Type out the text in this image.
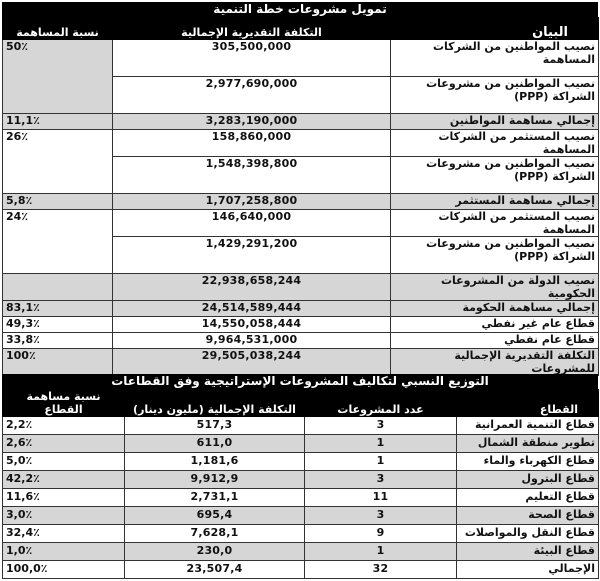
تمويل مشروعات خطة التنمية
نسبة المساهمة	التكلفة التقديرية الإجمالية	البيان
50٪	305,500,000	نصيب المواطنين من الشركات المساهمة
	2,977,690,000	نصيب المواطنين من مشروعات الشراكة (PPP)
11,1٪	3,283,190,000	إجمالي مساهمة المواطنين
26٪	158,860,000	نصيب المستثمر من الشركات المساهمة
	1,548,398,800	نصيب المواطنين من مشروعات الشراكة (PPP)
5,8٪	1,707,258,800	إجمالي مساهمة المستثمر
24٪	146,640,000	نصيب المستثمر من الشركات المساهمة
	1,429,291,200	نصيب المواطنين من مشروعات الشراكة (PPP)
	22,938,658,244	نصيب الدولة من المشروعات الحكومية
83,1٪	24,514,589,444	إجمالي مساهمة الحكومة
49,3٪	14,550,058,444	قطاع عام غير نفطي
33,8٪	9,964,531,000	قطاع عام نفطي
100٪	29,505,038,244	التكلفة التقديرية الإجمالية للمشروعات
التوزيع النسبي لتكاليف المشروعات الإستراتيجية وفق القطاعات
نسبة مساهمة القطاع	التكلفة الإجمالية (مليون دينار)	عدد المشروعات	القطاع
2,2٪	517,3	3	قطاع التنمية العمرانية
2,6٪	611,0	1	تطوير منطقة الشمال
5,0٪	1,181,6	1	قطاع الكهرباء والماء
42,2٪	9,912,9	3	قطاع البترول
11,6٪	2,731,1	11	قطاع التعليم
3,0٪	695,4	3	قطاع الصحة
32,4٪	7,628,1	9	قطاع النقل والمواصلات
1,0٪	230,0	1	قطاع البيئة
100,0٪	23,507,4	32	الإجمالي
